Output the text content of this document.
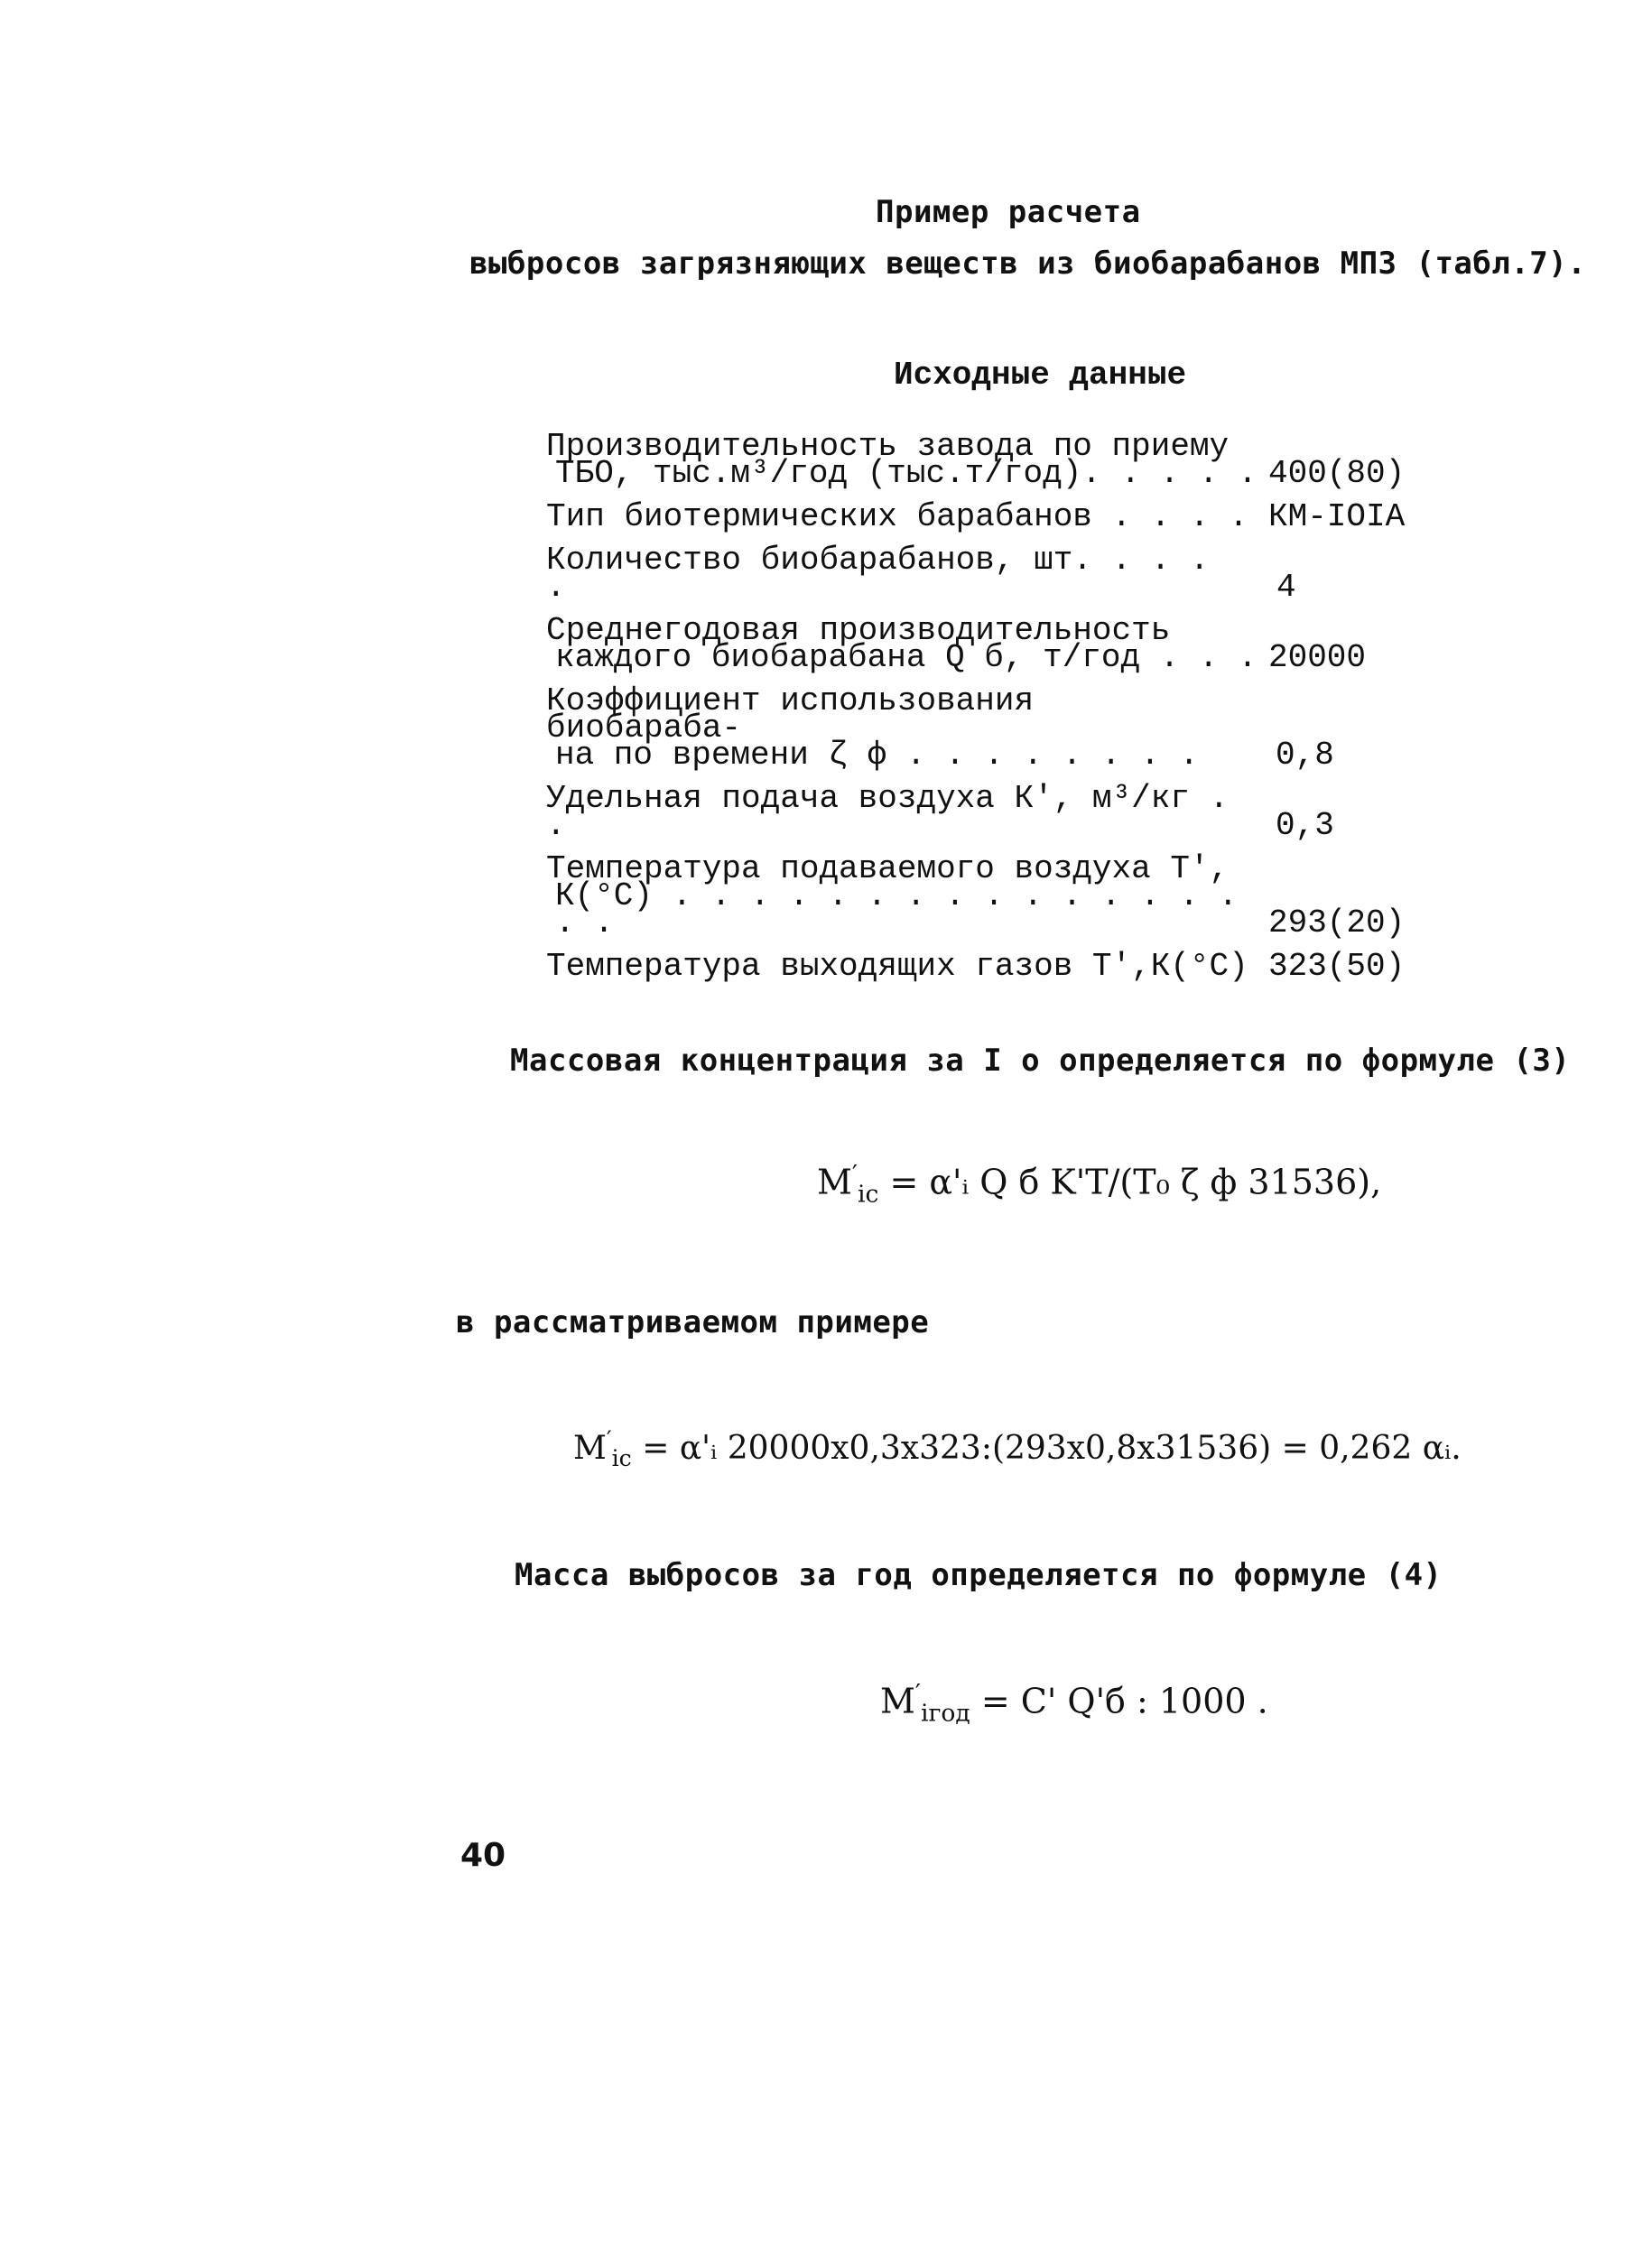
Пример расчета
выбросов загрязняющих веществ из биобарабанов МПЗ (табл.7).
Исходные данные
Производительность завода по приему
ТБО, тыс.м³/год (тыс.т/год). . . . . 400(80)
Тип биотермических барабанов . . . . КМ-IOIA
Количество биобарабанов, шт. . . . .	4
Среднегодовая производительность
каждого биобарабана Q б, т/год . . . 20000
Коэффициент использования биобараба-
на по времени ζ ф . . . . . . . .	0,8
Удельная подача воздуха К', м³/кг . .	0,3
Температура подаваемого воздуха Т',
К(°С) . . . . . . . . . . . . . . . . .	293(20)
Температура выходящих газов Т',К(°С) 323(50)
Массовая концентрация за I о определяется по формуле (3)
$M'_{ic}$ = α'ᵢ Q б K'T/(T₀ ζ ф 31536),
в рассматриваемом примере
$M'_{ic}$ = α'ᵢ 20000x0,3x323:(293x0,8x31536) = 0,262 αᵢ.
Масса выбросов за год определяется по формуле (4)
$M'_{iгод} = C'$ Q'б : 1000 .
40
